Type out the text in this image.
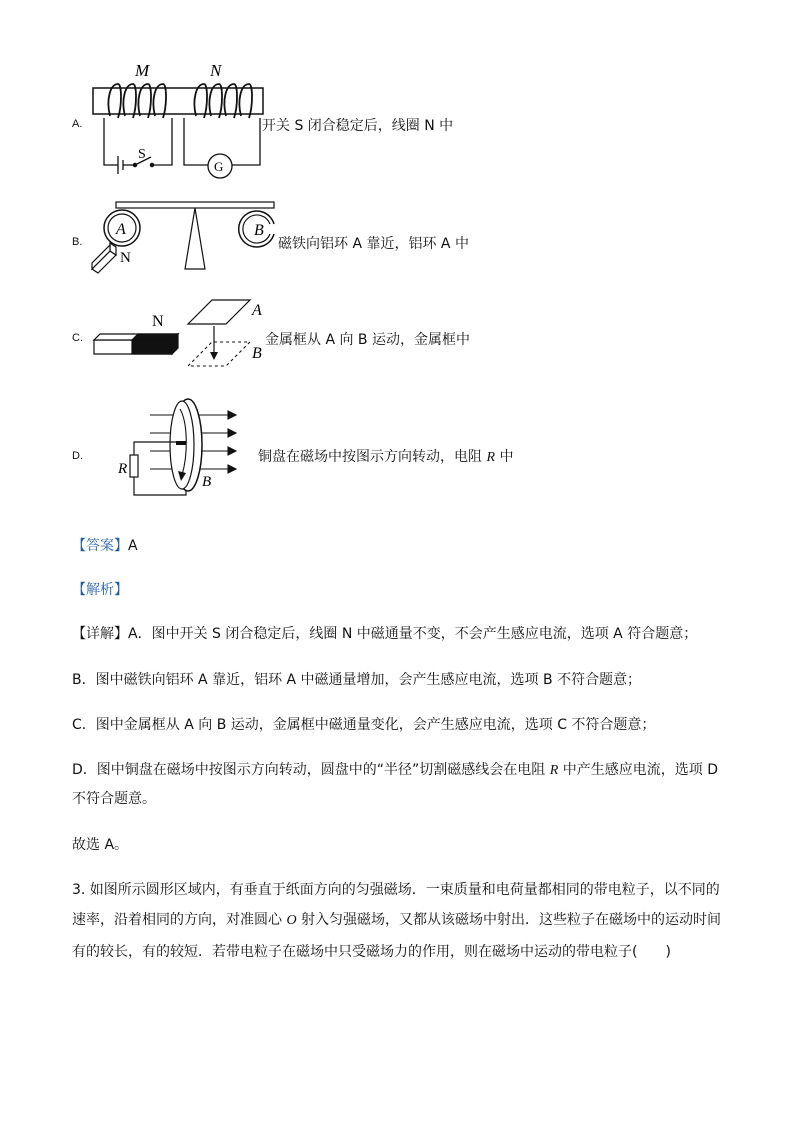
A.
M	N
S
G
开关 S 闭合稳定后，线圈 N 中
B.
A	B
N
磁铁向铝环 A 靠近，铝环 A 中
C.
N
A
B
金属框从 A 向 B 运动，金属框中
D.
R
B
铜盘在磁场中按图示方向转动，电阻 R 中
【答案】A
【解析】
【详解】A．图中开关 S 闭合稳定后，线圈 N 中磁通量不变，不会产生感应电流，选项 A 符合题意；
B．图中磁铁向铝环 A 靠近，铝环 A 中磁通量增加，会产生感应电流，选项 B 不符合题意；
C．图中金属框从 A 向 B 运动，金属框中磁通量变化，会产生感应电流，选项 C 不符合题意；
D．图中铜盘在磁场中按图示方向转动，圆盘中的“半径”切割磁感线会在电阻 R 中产生感应电流，选项 D
不符合题意。
故选 A。
3. 如图所示圆形区域内，有垂直于纸面方向的匀强磁场．一束质量和电荷量都相同的带电粒子，以不同的
速率，沿着相同的方向，对准圆心 O 射入匀强磁场，又都从该磁场中射出．这些粒子在磁场中的运动时间
有的较长，有的较短．若带电粒子在磁场中只受磁场力的作用，则在磁场中运动的带电粒子(　　)
